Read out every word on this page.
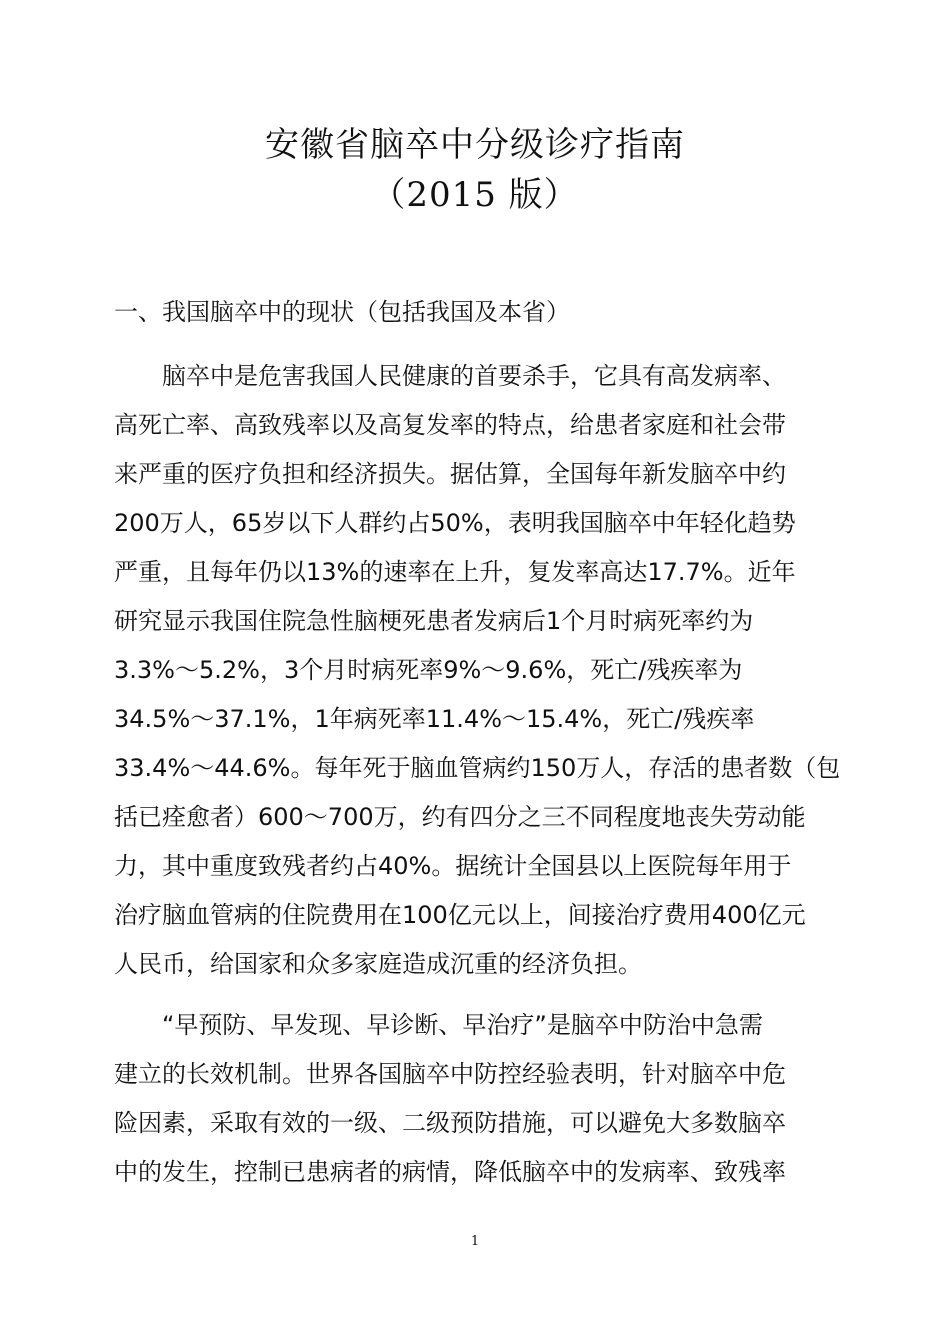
安徽省脑卒中分级诊疗指南
（2015 版）
一、我国脑卒中的现状（包括我国及本省）
　　脑卒中是危害我国人民健康的首要杀手，它具有高发病率、
高死亡率、高致残率以及高复发率的特点，给患者家庭和社会带
来严重的医疗负担和经济损失。据估算，全国每年新发脑卒中约
200万人，65岁以下人群约占50%，表明我国脑卒中年轻化趋势
严重，且每年仍以13%的速率在上升，复发率高达17.7%。近年
研究显示我国住院急性脑梗死患者发病后1个月时病死率约为
3.3%～5.2%，3个月时病死率9%～9.6%，死亡/残疾率为
34.5%～37.1%，1年病死率11.4%～15.4%，死亡/残疾率
33.4%～44.6%。每年死于脑血管病约150万人，存活的患者数（包
括已痊愈者）600～700万，约有四分之三不同程度地丧失劳动能
力，其中重度致残者约占40%。据统计全国县以上医院每年用于
治疗脑血管病的住院费用在100亿元以上，间接治疗费用400亿元
人民币，给国家和众多家庭造成沉重的经济负担。
　　“早预防、早发现、早诊断、早治疗”是脑卒中防治中急需
建立的长效机制。世界各国脑卒中防控经验表明，针对脑卒中危
险因素，采取有效的一级、二级预防措施，可以避免大多数脑卒
中的发生，控制已患病者的病情，降低脑卒中的发病率、致残率
1
